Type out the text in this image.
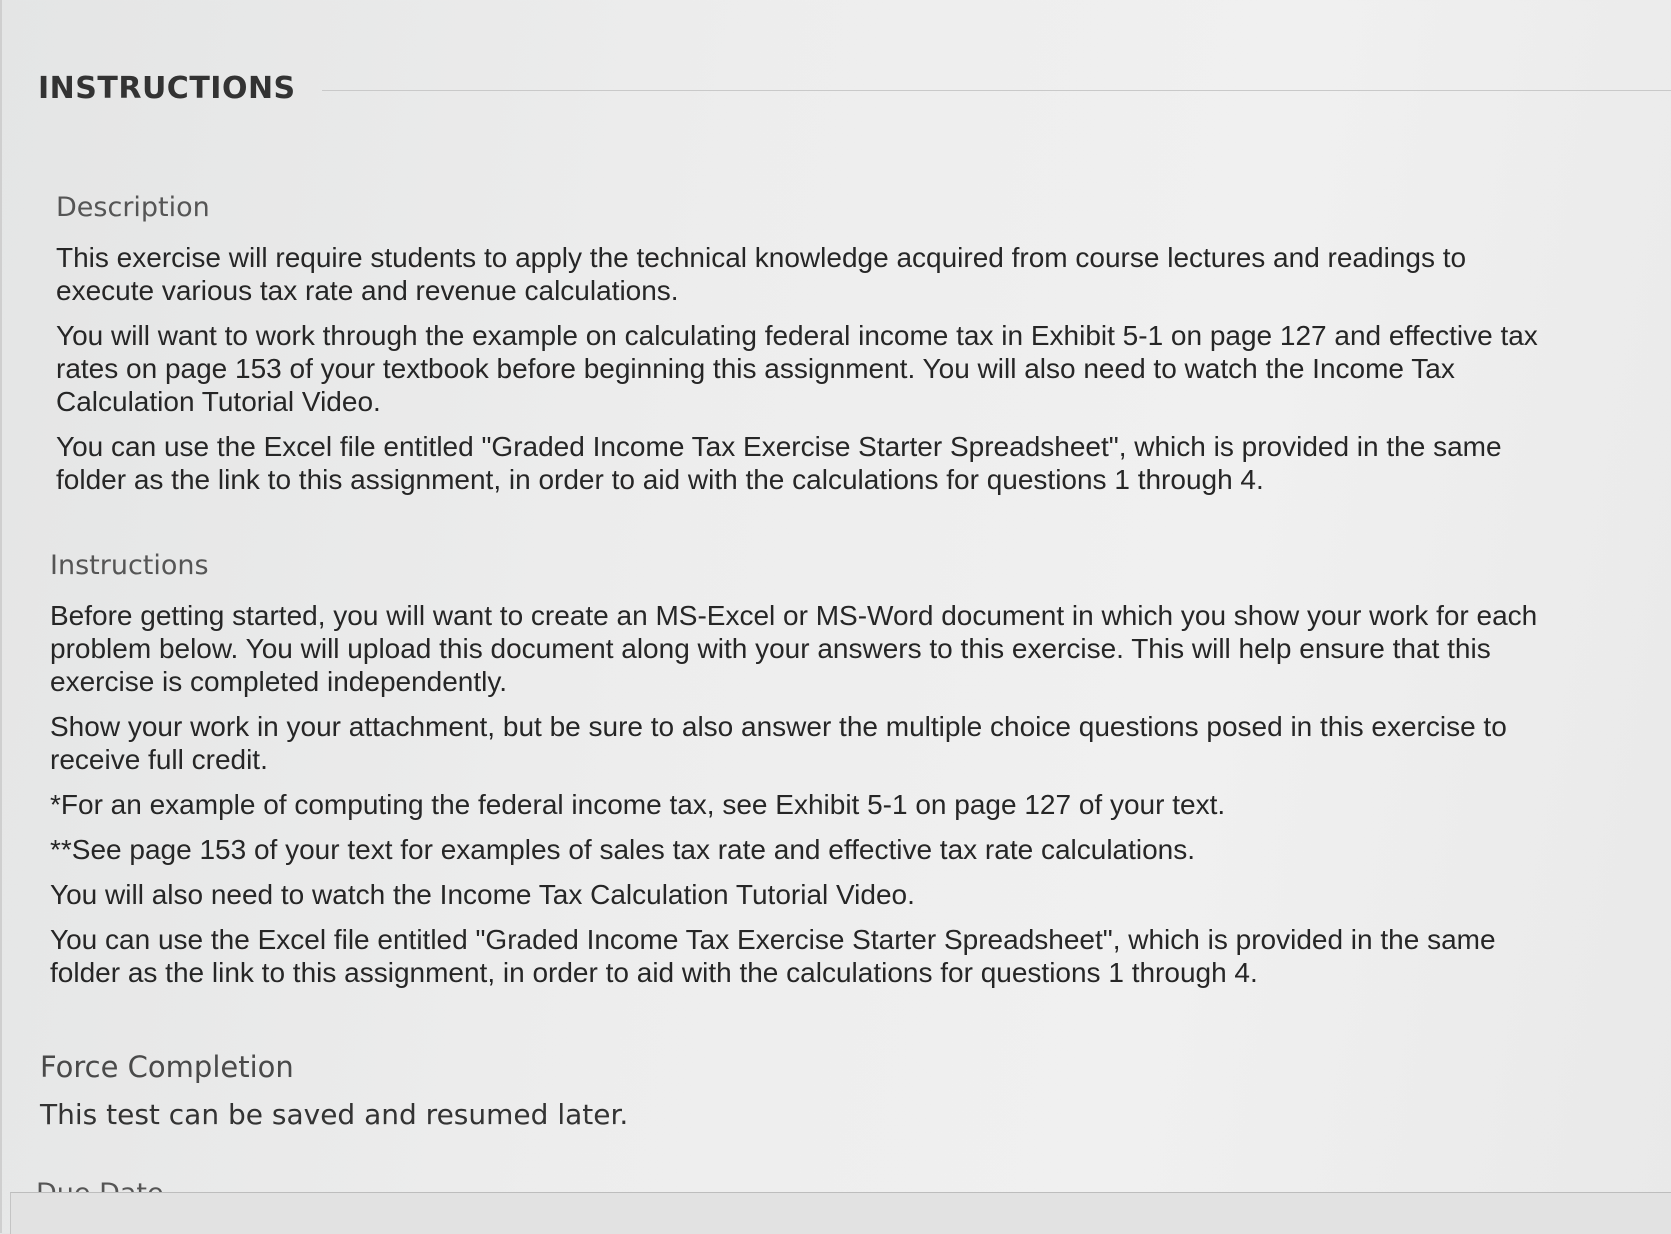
INSTRUCTIONS
Description

This exercise will require students to apply the technical knowledge acquired from course lectures and readings to execute various tax rate and revenue calculations.

You will want to work through the example on calculating federal income tax in Exhibit 5-1 on page 127 and effective tax rates on page 153 of your textbook before beginning this assignment. You will also need to watch the Income Tax Calculation Tutorial Video.

You can use the Excel file entitled "Graded Income Tax Exercise Starter Spreadsheet", which is provided in the same folder as the link to this assignment, in order to aid with the calculations for questions 1 through 4.

Instructions

Before getting started, you will want to create an MS-Excel or MS-Word document in which you show your work for each problem below. You will upload this document along with your answers to this exercise. This will help ensure that this exercise is completed independently.

Show your work in your attachment, but be sure to also answer the multiple choice questions posed in this exercise to receive full credit.

*For an example of computing the federal income tax, see Exhibit 5-1 on page 127 of your text.

**See page 153 of your text for examples of sales tax rate and effective tax rate calculations.

You will also need to watch the Income Tax Calculation Tutorial Video.

You can use the Excel file entitled "Graded Income Tax Exercise Starter Spreadsheet", which is provided in the same folder as the link to this assignment, in order to aid with the calculations for questions 1 through 4.

Force Completion

This test can be saved and resumed later.
